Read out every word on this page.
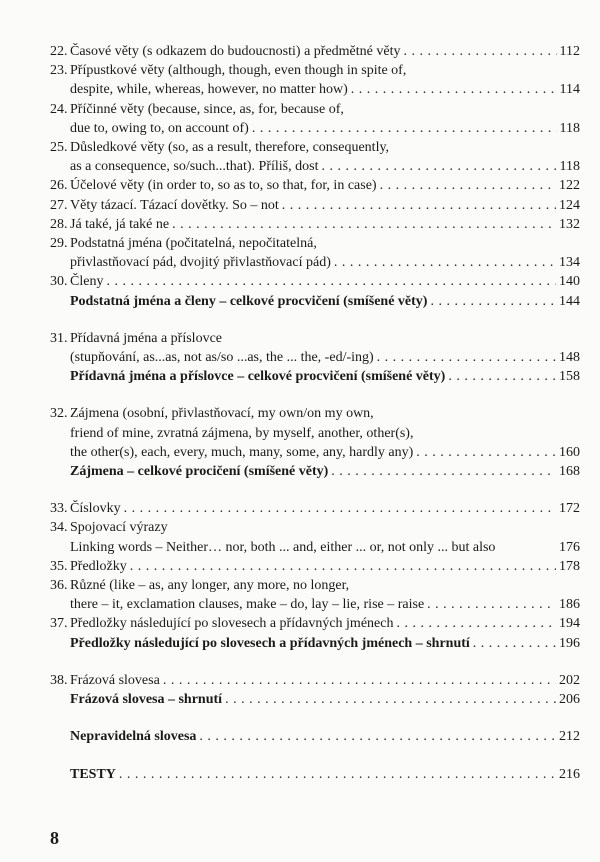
22. Časové věty (s odkazem do budoucnosti) a předmětné věty . . .	112
23. Přípustkové věty (although, though, even though in spite of,
despite, while, whereas, however, no matter how) . . .	114
24. Příčinné věty (because, since, as, for, because of,
due to, owing to, on account of) . . .	118
25. Důsledkové věty (so, as a result, therefore, consequently,
as a consequence, so/such...that). Příliš, dost . . .	118
26. Účelové věty (in order to, so as to, so that, for, in case) . . .	122
27. Věty tázací. Tázací dovětky. So – not . . .	124
28. Já také, já také ne . . .	132
29. Podstatná jména (počitatelná, nepočitatelná,
přivlastňovací pád, dvojitý přivlastňovací pád) . . .	134
30. Členy . . .	140
Podstatná jména a členy – celkové procvičení (smíšené věty) . . .	144
31. Přídavná jména a příslovce
(stupňování, as...as, not as/so ...as, the ... the, -ed/-ing) . . .	148
Přídavná jména a příslovce – celkové procvičení (smíšené věty) . . .	158
32. Zájmena (osobní, přivlastňovací, my own/on my own,
friend of mine, zvratná zájmena, by myself, another, other(s),
the other(s), each, every, much, many, some, any, hardly any) . . .	160
Zájmena – celkové procičení (smíšené věty) . . .	168
33. Číslovky . . .	172
34. Spojovací výrazy
Linking words – Neither… nor, both ... and, either ... or, not only ... but also	176
35. Předložky . . .	178
36. Různé (like – as, any longer, any more, no longer,
there – it, exclamation clauses, make – do, lay – lie, rise – raise . . .	186
37. Předložky následující po slovesech a přídavných jménech . . .	194
Předložky následující po slovesech a přídavných jménech – shrnutí . . .	196
38. Frázová slovesa . . .	202
Frázová slovesa – shrnutí . . .	206
Nepravidelná slovesa . . .	212
TESTY . . .	216
8
